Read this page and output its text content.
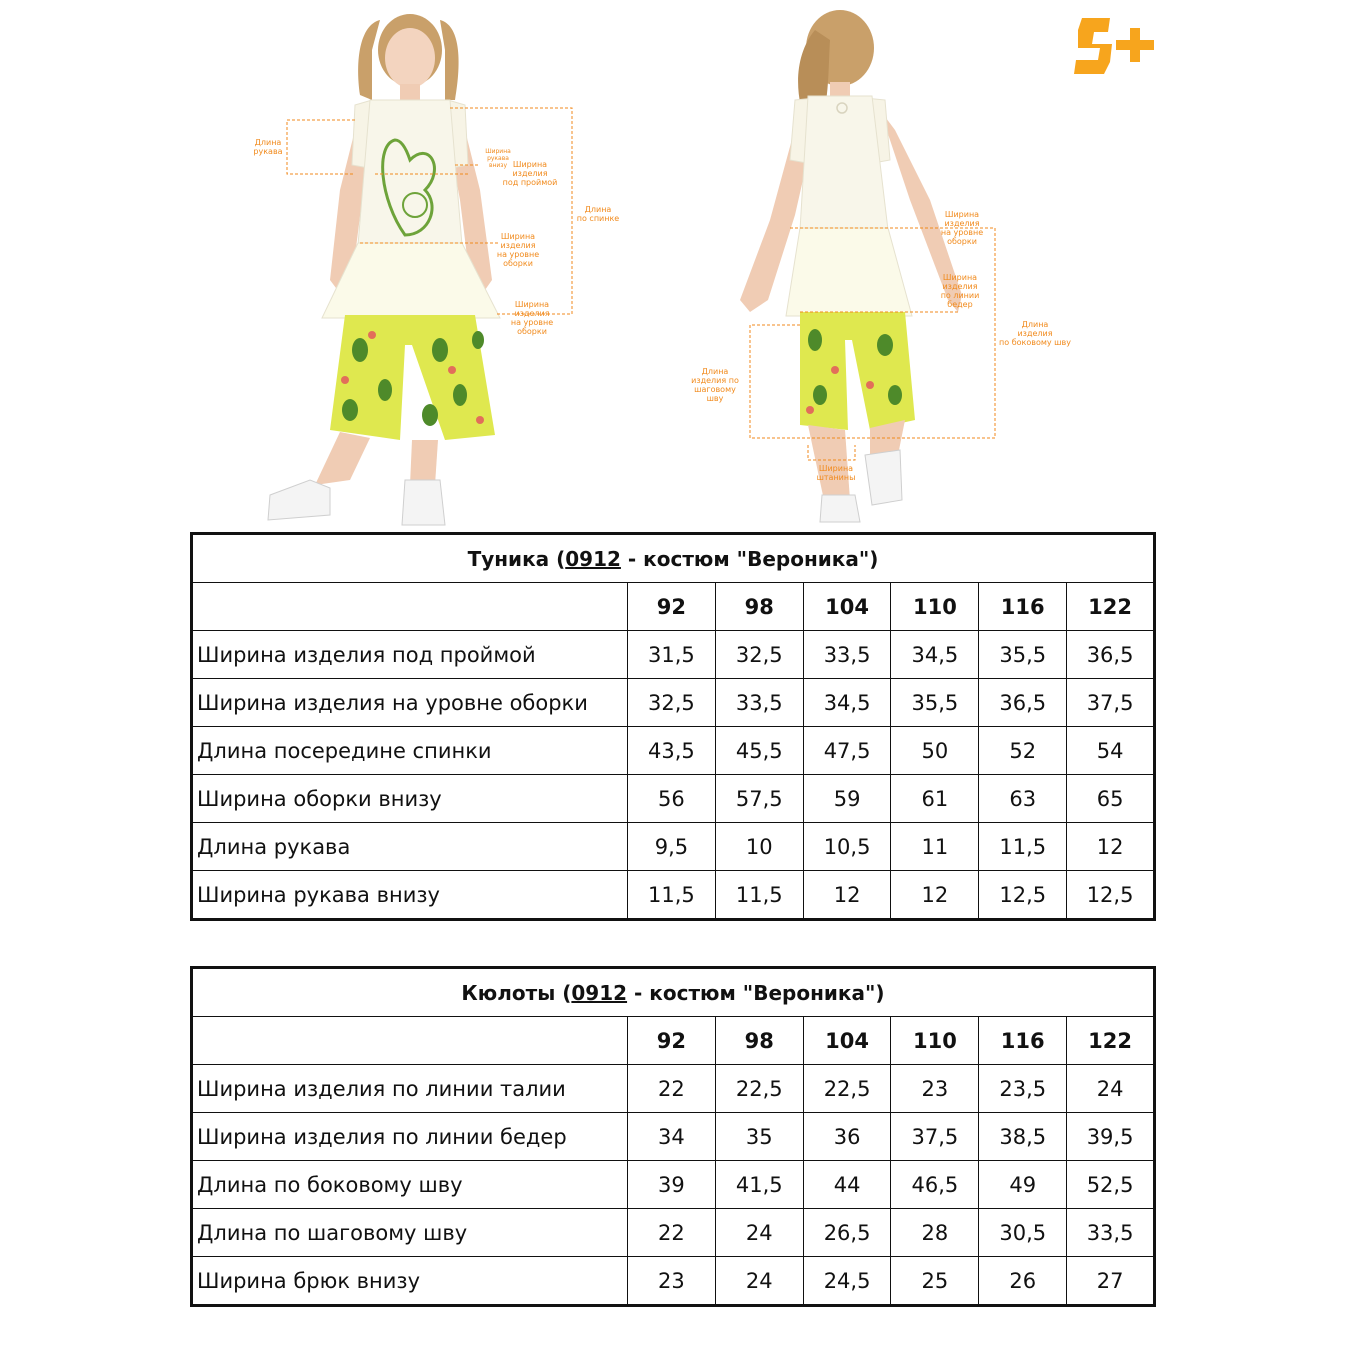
Длина
рукава	Ширина
рукава
внизу Ширина
изделия
под проймой
Длина
по спинке
Ширина
изделия
на уровне
оборки
Ширина
изделия
на уровне
оборки
Ширина
изделия
на уровне
оборки
Ширина
изделия
по линии
бедер
Длина
изделия
по боковому шву
Длина
изделия по
шаговому шву
Ширина
штанины
Туника (0912 - костюм "Вероника")						
	92	98	104	110	116	122
Ширина изделия под проймой	31,5	32,5	33,5	34,5	35,5	36,5
Ширина изделия на уровне оборки	32,5	33,5	34,5	35,5	36,5	37,5
Длина посередине спинки	43,5	45,5	47,5	50	52	54
Ширина оборки внизу	56	57,5	59	61	63	65
Длина рукава	9,5	10	10,5	11	11,5	12
Ширина рукава внизу	11,5	11,5	12	12	12,5	12,5
Кюлоты (0912 - костюм "Вероника")						
	92	98	104	110	116	122
Ширина изделия по линии талии	22	22,5	22,5	23	23,5	24
Ширина изделия по линии бедер	34	35	36	37,5	38,5	39,5
Длина по боковому шву	39	41,5	44	46,5	49	52,5
Длина по шаговому шву	22	24	26,5	28	30,5	33,5
Ширина брюк внизу	23	24	24,5	25	26	27
